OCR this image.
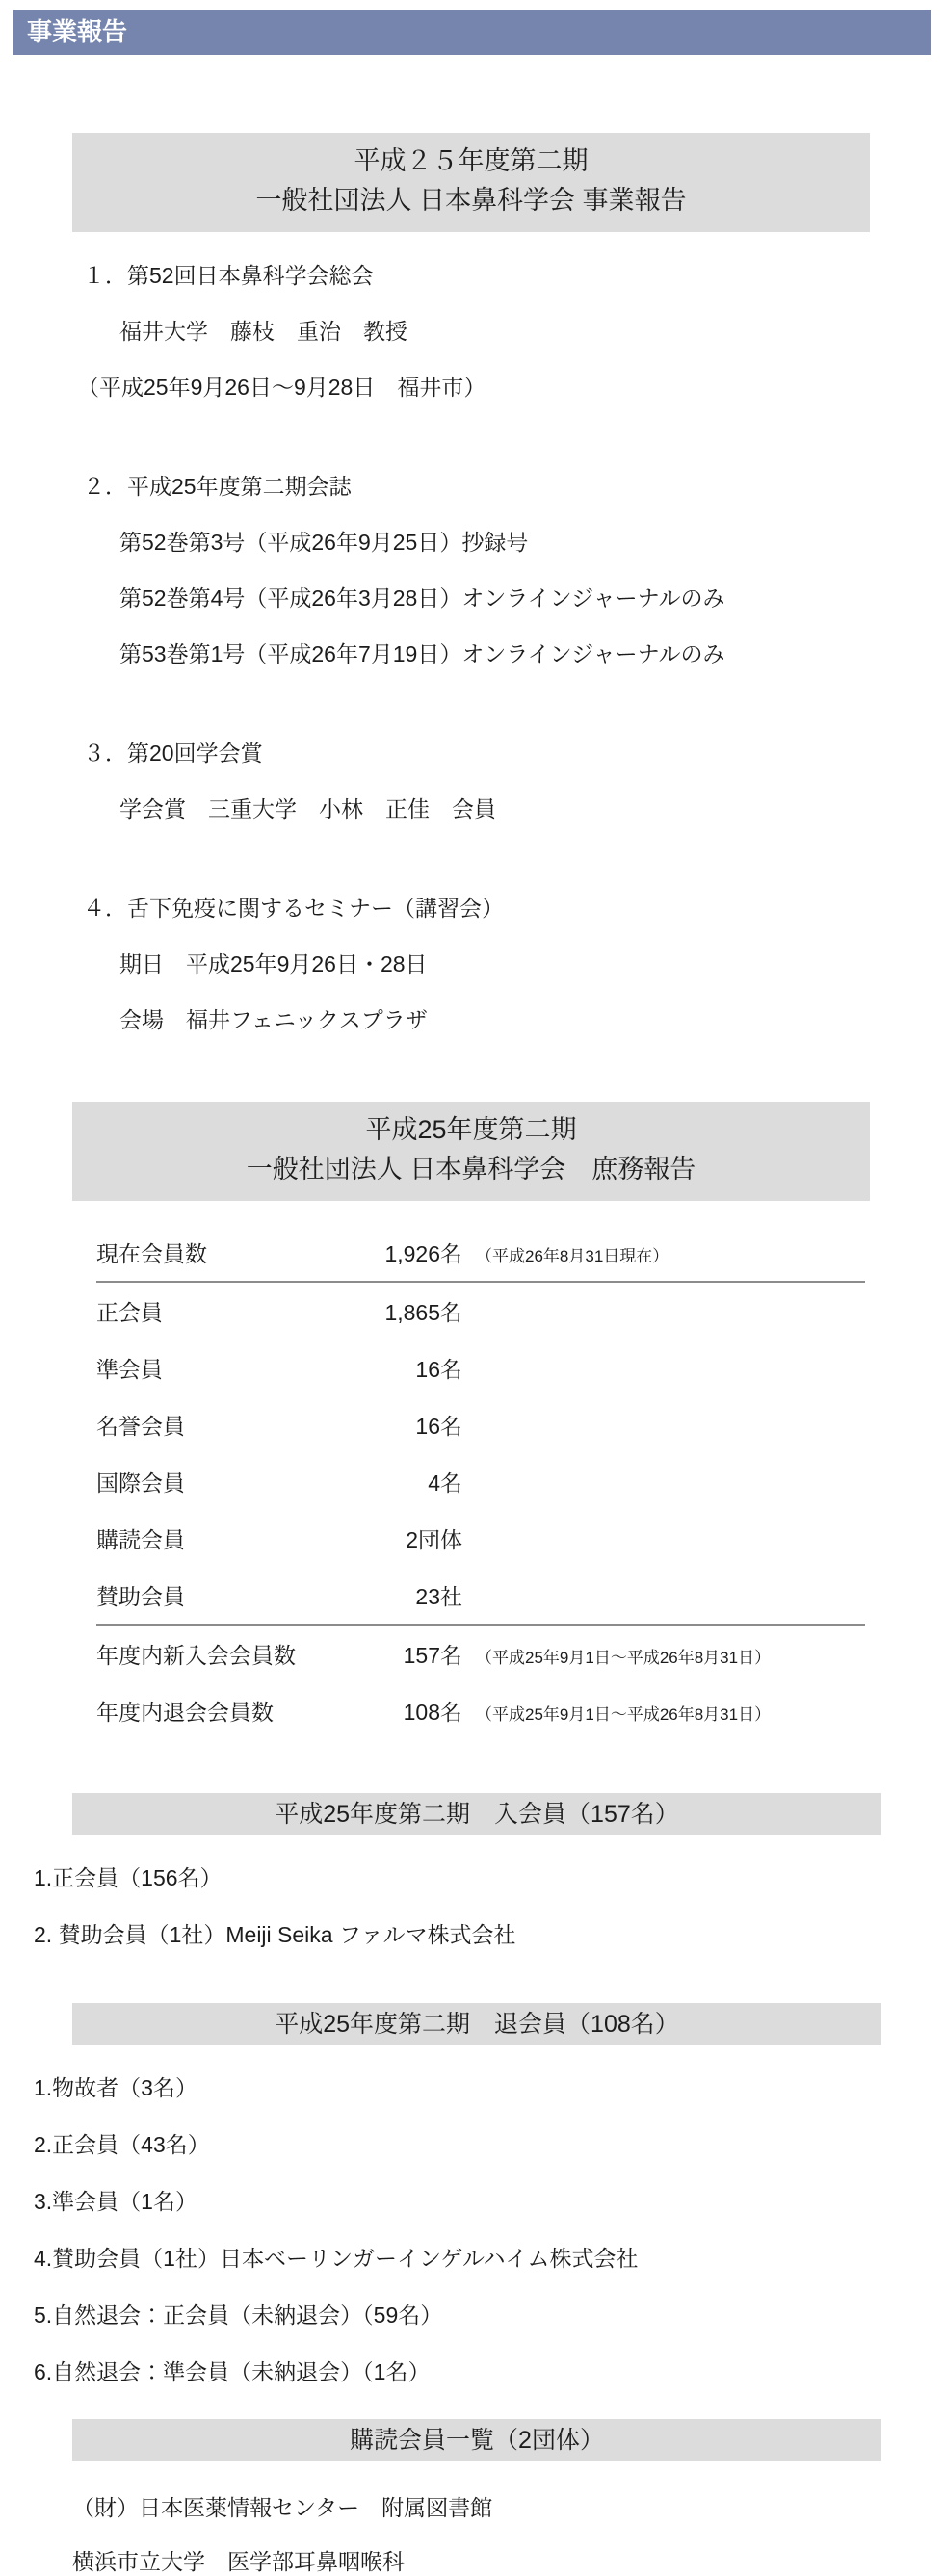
事業報告
平成２５年度第二期
一般社団法人 日本鼻科学会 事業報告
１．第52回日本鼻科学会総会
福井大学　藤枝　重治　教授
（平成25年9月26日～9月28日　福井市）
２．平成25年度第二期会誌
第52巻第3号（平成26年9月25日）抄録号
第52巻第4号（平成26年3月28日）オンラインジャーナルのみ
第53巻第1号（平成26年7月19日）オンラインジャーナルのみ
３．第20回学会賞
学会賞　三重大学　小林　正佳　会員
４．舌下免疫に関するセミナー（講習会）
期日　平成25年9月26日・28日
会場　福井フェニックスプラザ
平成25年度第二期
一般社団法人 日本鼻科学会　庶務報告
現在会員数	1,926名 （平成26年8月31日現在）
正会員	1,865名
準会員	16名
名誉会員	16名
国際会員	4名
購読会員	2団体
賛助会員	23社
年度内新入会会員数	157名 （平成25年9月1日～平成26年8月31日）
年度内退会会員数	108名 （平成25年9月1日～平成26年8月31日）
平成25年度第二期　入会員（157名）
1.正会員（156名）
2. 賛助会員（1社）Meiji Seika ファルマ株式会社
平成25年度第二期　退会員（108名）
1.物故者（3名）
2.正会員（43名）
3.準会員（1名）
4.賛助会員（1社）日本ベーリンガーインゲルハイム株式会社
5.自然退会：正会員（未納退会）（59名）
6.自然退会：準会員（未納退会）（1名）
購読会員一覧（2団体）
（財）日本医薬情報センター　附属図書館
横浜市立大学　医学部耳鼻咽喉科
